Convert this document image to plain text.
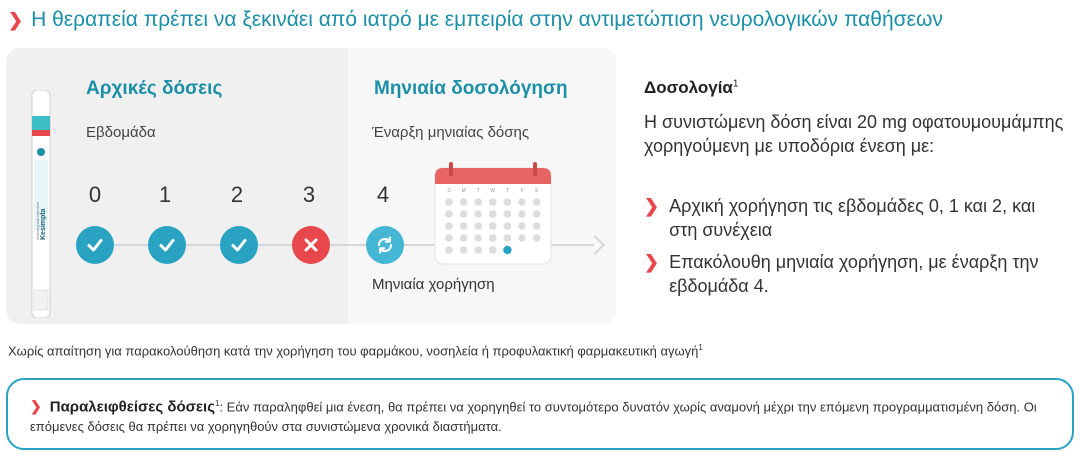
❯ Η θεραπεία πρέπει να ξεκινάει από ιατρό με εμπειρία στην αντιμετώπιση νευρολογικών παθήσεων
Kesimpta
ofatumumab injection
Αρχικές δόσεις
Εβδομάδα
Μηνιαία δοσολόγηση
Έναρξη μηνιαίας δόσης
0	1	2	3	4	S M T W T F S
Μηνιαία χορήγηση
Δοσολογία$^1$
Η συνιστώμενη δόση είναι 20 mg οφατουμουμάμπης χορηγούμενη με υποδόρια ένεση με:
❯ Αρχική χορήγηση τις εβδομάδες 0, 1 και 2, και στη συνέχεια
❯ Επακόλουθη μηνιαία χορήγηση, με έναρξη την εβδομάδα 4.
Χωρίς απαίτηση για παρακολούθηση κατά την χορήγηση του φαρμάκου, νοσηλεία ή προφυλακτική φαρμακευτική αγωγή$^1$
❯ Παραλειφθείσες δόσεις$^1$: Εάν παραληφθεί μια ένεση, θα πρέπει να χορηγηθεί το συντομότερο δυνατόν χωρίς αναμονή μέχρι την επόμενη προγραμματισμένη δόση. Οι επόμενες δόσεις θα πρέπει να χορηγηθούν στα συνιστώμενα χρονικά διαστήματα.
